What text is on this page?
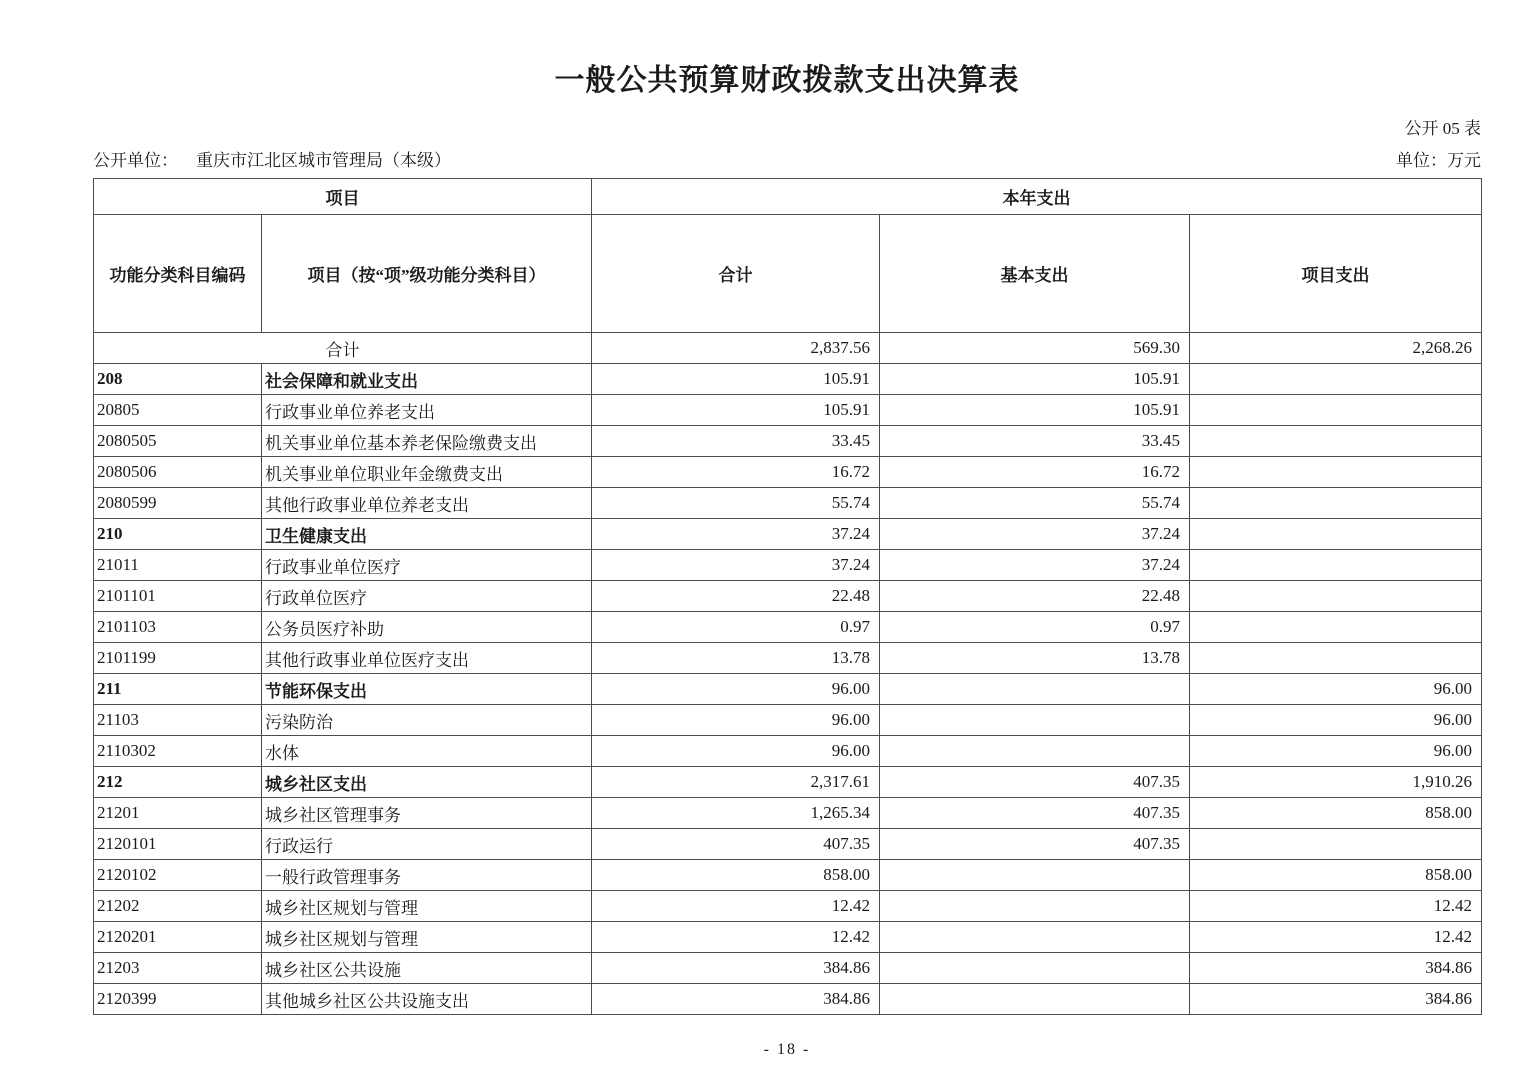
一般公共预算财政拨款支出决算表
公开 05 表
公开单位： 重庆市江北区城市管理局（本级）	单位：万元
项目		本年支出		
功能分类科目编码	项目（按“项”级功能分类科目）	合计	基本支出	项目支出
合计		2,837.56	569.30	2,268.26
208	社会保障和就业支出	105.91	105.91	
20805	行政事业单位养老支出	105.91	105.91	
2080505	机关事业单位基本养老保险缴费支出	33.45	33.45	
2080506	机关事业单位职业年金缴费支出	16.72	16.72	
2080599	其他行政事业单位养老支出	55.74	55.74	
210	卫生健康支出	37.24	37.24	
21011	行政事业单位医疗	37.24	37.24	
2101101	行政单位医疗	22.48	22.48	
2101103	公务员医疗补助	0.97	0.97	
2101199	其他行政事业单位医疗支出	13.78	13.78	
211	节能环保支出	96.00		96.00
21103	污染防治	96.00		96.00
2110302	水体	96.00		96.00
212	城乡社区支出	2,317.61	407.35	1,910.26
21201	城乡社区管理事务	1,265.34	407.35	858.00
2120101	行政运行	407.35	407.35	
2120102	一般行政管理事务	858.00		858.00
21202	城乡社区规划与管理	12.42		12.42
2120201	城乡社区规划与管理	12.42		12.42
21203	城乡社区公共设施	384.86		384.86
2120399	其他城乡社区公共设施支出	384.86		384.86
- 18 -
